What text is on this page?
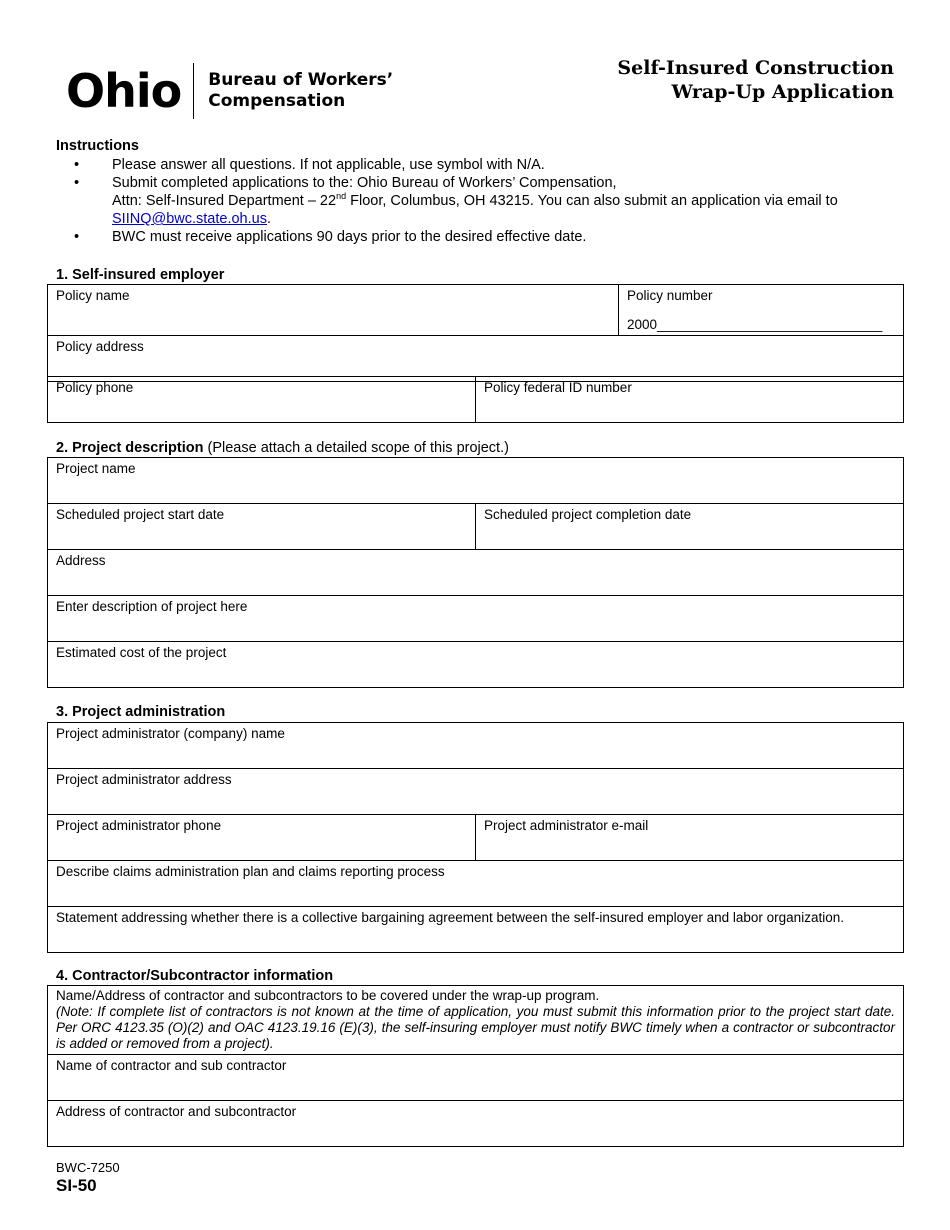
Ohio Bureau of Workers’
Compensation
Self-Insured Construction
Wrap-Up Application
Instructions
• Please answer all questions. If not applicable, use symbol with N/A.
• Submit completed applications to the: Ohio Bureau of Workers’ Compensation,
Attn: Self-Insured Department – 22nd Floor, Columbus, OH 43215. You can also submit an application via email to
SIINQ@bwc.state.oh.us.
• BWC must receive applications 90 days prior to the desired effective date.
1. Self-insured employer
Policy name	Policy number
2000______________________________

Policy address
Policy phone	Policy federal ID number
2. Project description (Please attach a detailed scope of this project.)
Project name

Scheduled project start date	Scheduled project completion date

Address

Enter description of project here

Estimated cost of the project
3. Project administration
Project administrator (company) name

Project administrator address

Project administrator phone	Project administrator e-mail

Describe claims administration plan and claims reporting process

Statement addressing whether there is a collective bargaining agreement between the self-insured employer and labor organization.
4. Contractor/Subcontractor information
Name/Address of contractor and subcontractors to be covered under the wrap-up program.
(Note: If complete list of contractors is not known at the time of application, you must submit this information prior to the project start date. Per ORC 4123.35 (O)(2) and OAC 4123.19.16 (E)(3), the self-insuring employer must notify BWC timely when a contractor or subcontractor is added or removed from a project).

Name of contractor and sub contractor

Address of contractor and subcontractor
BWC-7250
SI-50
